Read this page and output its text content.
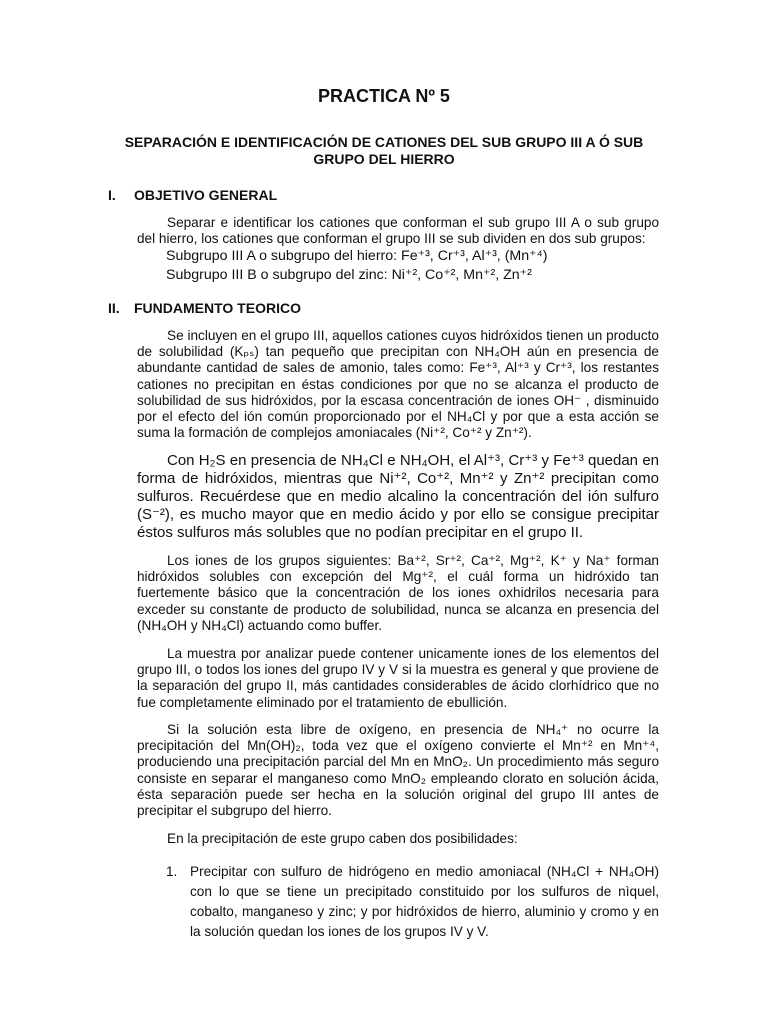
PRACTICA Nº 5
SEPARACIÓN E IDENTIFICACIÓN DE CATIONES DEL SUB GRUPO III A Ó SUB GRUPO DEL HIERRO
I. OBJETIVO GENERAL
Separar e identificar los cationes que conforman el sub grupo III A o sub grupo del hierro, los cationes que conforman el grupo III se sub dividen en dos sub grupos:
Subgrupo III A o subgrupo del hierro: Fe⁺³, Cr⁺³, Al⁺³, (Mn⁺⁴)
Subgrupo III B o subgrupo del zinc: Ni⁺², Co⁺², Mn⁺², Zn⁺²
II. FUNDAMENTO TEORICO
Se incluyen en el grupo III, aquellos cationes cuyos hidróxidos tienen un producto de solubilidad (Kₚₛ) tan pequeño que precipitan con NH₄OH aún en presencia de abundante cantidad de sales de amonio, tales como: Fe⁺³, Al⁺³ y Cr⁺³, los restantes cationes no precipitan en éstas condiciones por que no se alcanza el producto de solubilidad de sus hidróxidos, por la escasa concentración de iones OH⁻ , disminuido por el efecto del ión común proporcionado por el NH₄Cl y por que a esta acción se suma la formación de complejos amoniacales (Ni⁺², Co⁺² y Zn⁺²).
Con H₂S en presencia de NH₄Cl e NH₄OH, el Al⁺³, Cr⁺³ y Fe⁺³ quedan en forma de hidróxidos, mientras que Ni⁺², Co⁺², Mn⁺² y Zn⁺² precipitan como sulfuros. Recuérdese que en medio alcalino la concentración del ión sulfuro (S⁻²), es mucho mayor que en medio ácido y por ello se consigue precipitar éstos sulfuros más solubles que no podían precipitar en el grupo II.
Los iones de los grupos siguientes: Ba⁺², Sr⁺², Ca⁺², Mg⁺², K⁺ y Na⁺ forman hidróxidos solubles con excepción del Mg⁺², el cuál forma un hidróxido tan fuertemente básico que la concentración de los iones oxhidrilos necesaria para exceder su constante de producto de solubilidad, nunca se alcanza en presencia del (NH₄OH y NH₄Cl) actuando como buffer.
La muestra por analizar puede contener unicamente iones de los elementos del grupo III, o todos los iones del grupo IV y V si la muestra es general y que proviene de la separación del grupo II, más cantidades considerables de ácido clorhídrico que no fue completamente eliminado por el tratamiento de ebullición.
Si la solución esta libre de oxígeno, en presencia de NH₄⁺ no ocurre la precipitación del Mn(OH)₂, toda vez que el oxígeno convierte el Mn⁺² en Mn⁺⁴, produciendo una precipitación parcial del Mn en MnO₂. Un procedimiento más seguro consiste en separar el manganeso como MnO₂ empleando clorato en solución ácida, ésta separación puede ser hecha en la solución original del grupo III antes de precipitar el subgrupo del hierro.
En la precipitación de este grupo caben dos posibilidades:
1. Precipitar con sulfuro de hidrógeno en medio amoniacal (NH₄Cl + NH₄OH) con lo que se tiene un precipitado constituido por los sulfuros de nìquel, cobalto, manganeso y zinc; y por hidróxidos de hierro, aluminio y cromo y en la solución quedan los iones de los grupos IV y V.
